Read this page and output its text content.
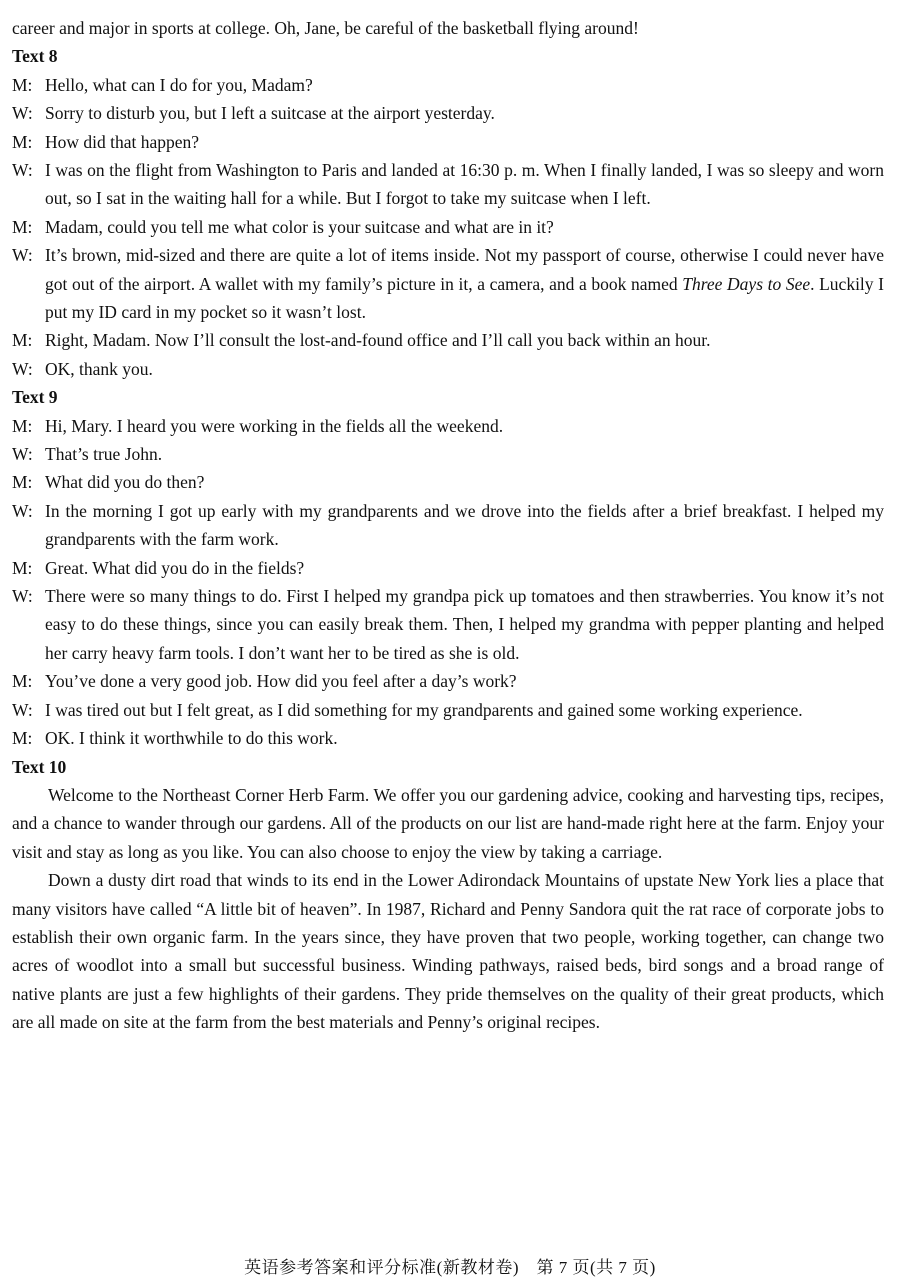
career and major in sports at college. Oh, Jane, be careful of the basketball flying around!
Text 8
M: Hello, what can I do for you, Madam?
W: Sorry to disturb you, but I left a suitcase at the airport yesterday.
M: How did that happen?
W: I was on the flight from Washington to Paris and landed at 16:30 p. m. When I finally landed, I was so sleepy and worn out, so I sat in the waiting hall for a while. But I forgot to take my suitcase when I left.
M: Madam, could you tell me what color is your suitcase and what are in it?
W: It’s brown, mid-sized and there are quite a lot of items inside. Not my passport of course, otherwise I could never have got out of the airport. A wallet with my family’s picture in it, a camera, and a book named Three Days to See. Luckily I put my ID card in my pocket so it wasn’t lost.
M: Right, Madam. Now I’ll consult the lost-and-found office and I’ll call you back within an hour.
W: OK, thank you.
Text 9
M: Hi, Mary. I heard you were working in the fields all the weekend.
W: That’s true John.
M: What did you do then?
W: In the morning I got up early with my grandparents and we drove into the fields after a brief breakfast. I helped my grandparents with the farm work.
M: Great. What did you do in the fields?
W: There were so many things to do. First I helped my grandpa pick up tomatoes and then strawberries. You know it’s not easy to do these things, since you can easily break them. Then, I helped my grandma with pepper planting and helped her carry heavy farm tools. I don’t want her to be tired as she is old.
M: You’ve done a very good job. How did you feel after a day’s work?
W: I was tired out but I felt great, as I did something for my grandparents and gained some working experience.
M: OK. I think it worthwhile to do this work.
Text 10
Welcome to the Northeast Corner Herb Farm. We offer you our gardening advice, cooking and harvesting tips, recipes, and a chance to wander through our gardens. All of the products on our list are hand-made right here at the farm. Enjoy your visit and stay as long as you like. You can also choose to enjoy the view by taking a carriage.
Down a dusty dirt road that winds to its end in the Lower Adirondack Mountains of upstate New York lies a place that many visitors have called “A little bit of heaven”. In 1987, Richard and Penny Sandora quit the rat race of corporate jobs to establish their own organic farm. In the years since, they have proven that two people, working together, can change two acres of woodlot into a small but successful business. Winding pathways, raised beds, bird songs and a broad range of native plants are just a few highlights of their gardens. They pride themselves on the quality of their great products, which are all made on site at the farm from the best materials and Penny’s original recipes.
英语参考答案和评分标准(新教材卷)　第 7 页(共 7 页)
